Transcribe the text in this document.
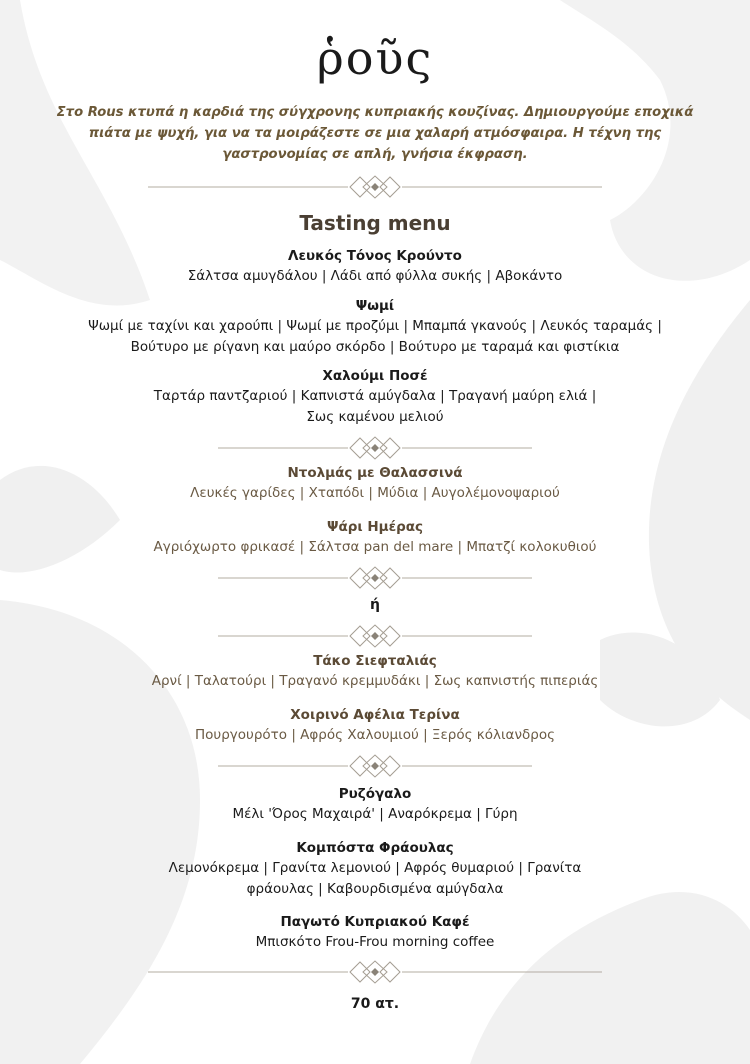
ῥοῦς
Στο Rous κτυπά η καρδιά της σύγχρονης κυπριακής κουζίνας. Δημιουργούμε εποχικά πιάτα με ψυχή, για να τα μοιράζεστε σε μια χαλαρή ατμόσφαιρα. Η τέχνη της γαστρονομίας σε απλή, γνήσια έκφραση.
Tasting menu
Λευκός Τόνος Κρούντο
Σάλτσα αμυγδάλου | Λάδι από φύλλα συκής | Αβοκάντο
Ψωμί
Ψωμί με ταχίνι και χαρούπι | Ψωμί με προζύμι | Μπαμπά γκανούς | Λευκός ταραμάς |
Βούτυρο με ρίγανη και μαύρο σκόρδο | Βούτυρο με ταραμά και φιστίκια
Χαλούμι Ποσέ
Ταρτάρ παντζαριού | Καπνιστά αμύγδαλα | Τραγανή μαύρη ελιά |
Σως καμένου μελιού
Ντολμάς με Θαλασσινά
Λευκές γαρίδες | Χταπόδι | Μύδια | Αυγολέμονοψαριού
Ψάρι Ημέρας
Αγριόχωρτο φρικασέ | Σάλτσα pan del mare | Μπατζί κολοκυθιού
ή
Τάκο Σιεφταλιάς
Αρνί | Ταλατούρι | Τραγανό κρεμμυδάκι | Σως καπνιστής πιπεριάς
Χοιρινό Αφέλια Τερίνα
Πουργουρότο | Αφρός Χαλουμιού | Ξερός κόλιανδρος
Ρυζόγαλο
Μέλι 'Όρος Μαχαιρά' | Αναρόκρεμα | Γύρη
Κομπόστα Φράουλας
Λεμονόκρεμα | Γρανίτα λεμονιού | Αφρός θυμαριού | Γρανίτα
φράουλας | Καβουρδισμένα αμύγδαλα
Παγωτό Κυπριακού Καφέ
Μπισκότο Frou-Frou morning coffee
70 ατ.
